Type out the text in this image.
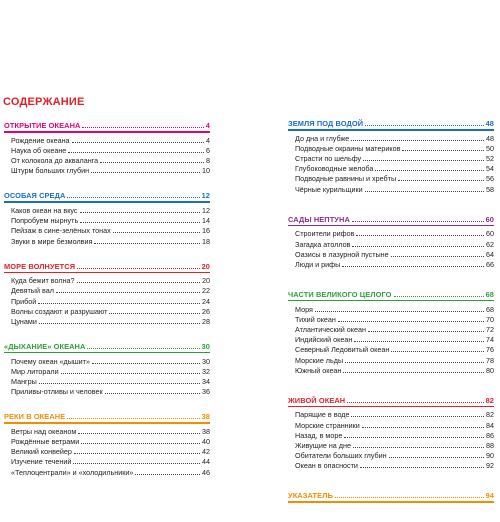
СОДЕРЖАНИЕ
ОТКРЫТИЕ ОКЕАНА	4
Рождение океана	4
Наука об океане	6
От колокола до акваланга	8
Штурм больших глубин	10
ОСОБАЯ СРЕДА	12
Каков океан на вкус	12
Попробуем нырнуть	14
Пейзаж в сине-зелёных тонах	16
Звуки в мире безмолвия	18
МОРЕ ВОЛНУЕТСЯ	20
Куда бежит волна?	20
Девятый вал	22
Прибой	24
Волны создают и разрушают	26
Цунами	28
«ДЫХАНИЕ» ОКЕАНА	30
Почему океан «дышит»	30
Мир литорали	32
Мангры	34
Приливы-отливы и человек	36
РЕКИ В ОКЕАНЕ	38
Ветры над океаном	38
Рождённые ветрами	40
Великий конвейер	42
Изучение течений	44
«Теплоцентрали» и «холодильники»	46
ЗЕМЛЯ ПОД ВОДОЙ	48
До дна и глубже	48
Подводные окраины материков	50
Страсти по шельфу	52
Глубоководные желоба	54
Подводные равнины и хребты	56
Чёрные курильщики	58
САДЫ НЕПТУНА	60
Строители рифов	60
Загадка атоллов	62
Оазисы в лазурной пустыне	64
Люди и рифы	66
ЧАСТИ ВЕЛИКОГО ЦЕЛОГО	68
Моря	68
Тихий океан	70
Атлантический океан	72
Индийский океан	74
Северный Ледовитый океан	76
Морские льды	78
Южный океан	80
ЖИВОЙ ОКЕАН	82
Парящие в воде	82
Морские странники	84
Назад, в море	86
Живущие на дне	88
Обитатели больших глубин	90
Океан в опасности	92
УКАЗАТЕЛЬ	94
